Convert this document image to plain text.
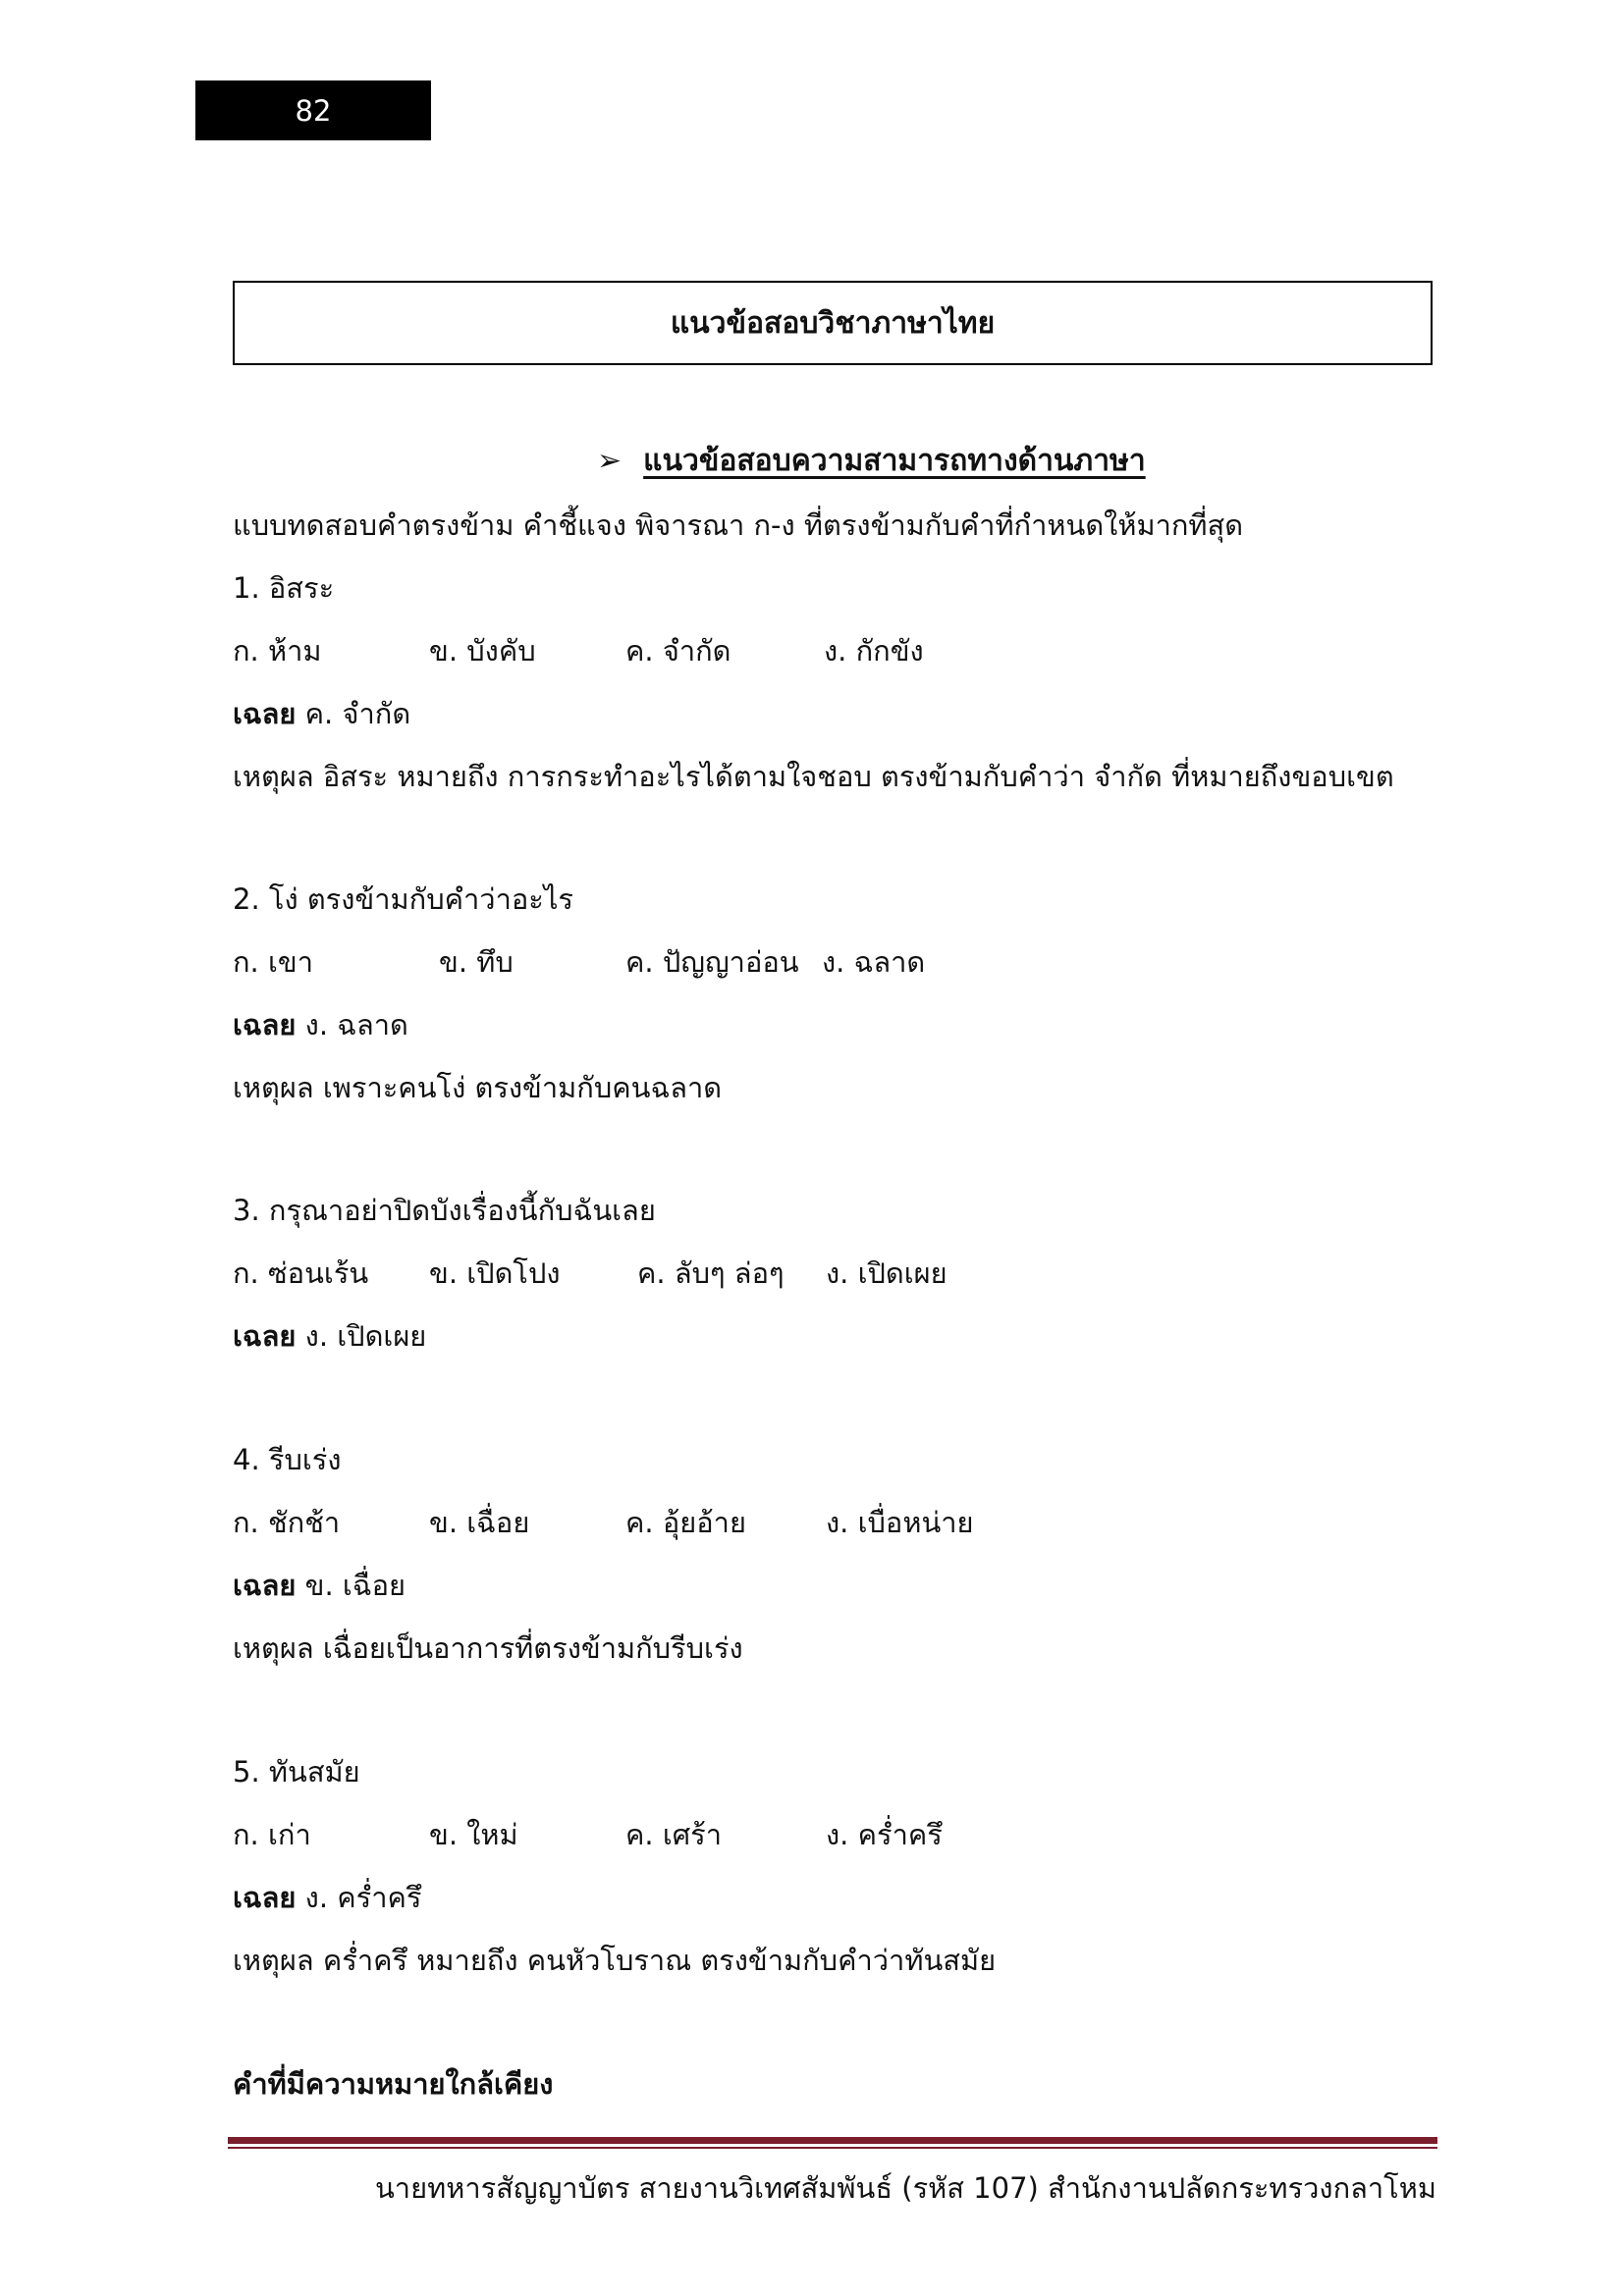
82
แนวข้อสอบวิชาภาษาไทย
➢ แนวข้อสอบความสามารถทางด้านภาษา
แบบทดสอบคำตรงข้าม คำชี้แจง พิจารณา ก-ง ที่ตรงข้ามกับคำที่กำหนดให้มากที่สุด
1. อิสระ
ก. ห้าม	ข. บังคับ	ค. จำกัด	ง. กักขัง
เฉลย ค. จำกัด
เหตุผล อิสระ หมายถึง การกระทำอะไรได้ตามใจชอบ ตรงข้ามกับคำว่า จำกัด ที่หมายถึงขอบเขต
2. โง่ ตรงข้ามกับคำว่าอะไร
ก. เขา	ข. ทึบ	ค. ปัญญาอ่อน ง. ฉลาด
เฉลย ง. ฉลาด
เหตุผล เพราะคนโง่ ตรงข้ามกับคนฉลาด
3. กรุณาอย่าปิดบังเรื่องนี้กับฉันเลย
ก. ซ่อนเร้น ข. เปิดโปง	ค. ลับๆ ล่อๆ ง. เปิดเผย
เฉลย ง. เปิดเผย
4. รีบเร่ง
ก. ชักช้า	ข. เฉื่อย	ค. อุ้ยอ้าย	ง. เบื่อหน่าย
เฉลย ข. เฉื่อย
เหตุผล เฉื่อยเป็นอาการที่ตรงข้ามกับรีบเร่ง
5. ทันสมัย
ก. เก่า	ข. ใหม่	ค. เศร้า	ง. คร่ำครึ
เฉลย ง. คร่ำครึ
เหตุผล คร่ำครึ หมายถึง คนหัวโบราณ ตรงข้ามกับคำว่าทันสมัย
คำที่มีความหมายใกล้เคียง
นายทหารสัญญาบัตร สายงานวิเทศสัมพันธ์ (รหัส 107) สำนักงานปลัดกระทรวงกลาโหม
